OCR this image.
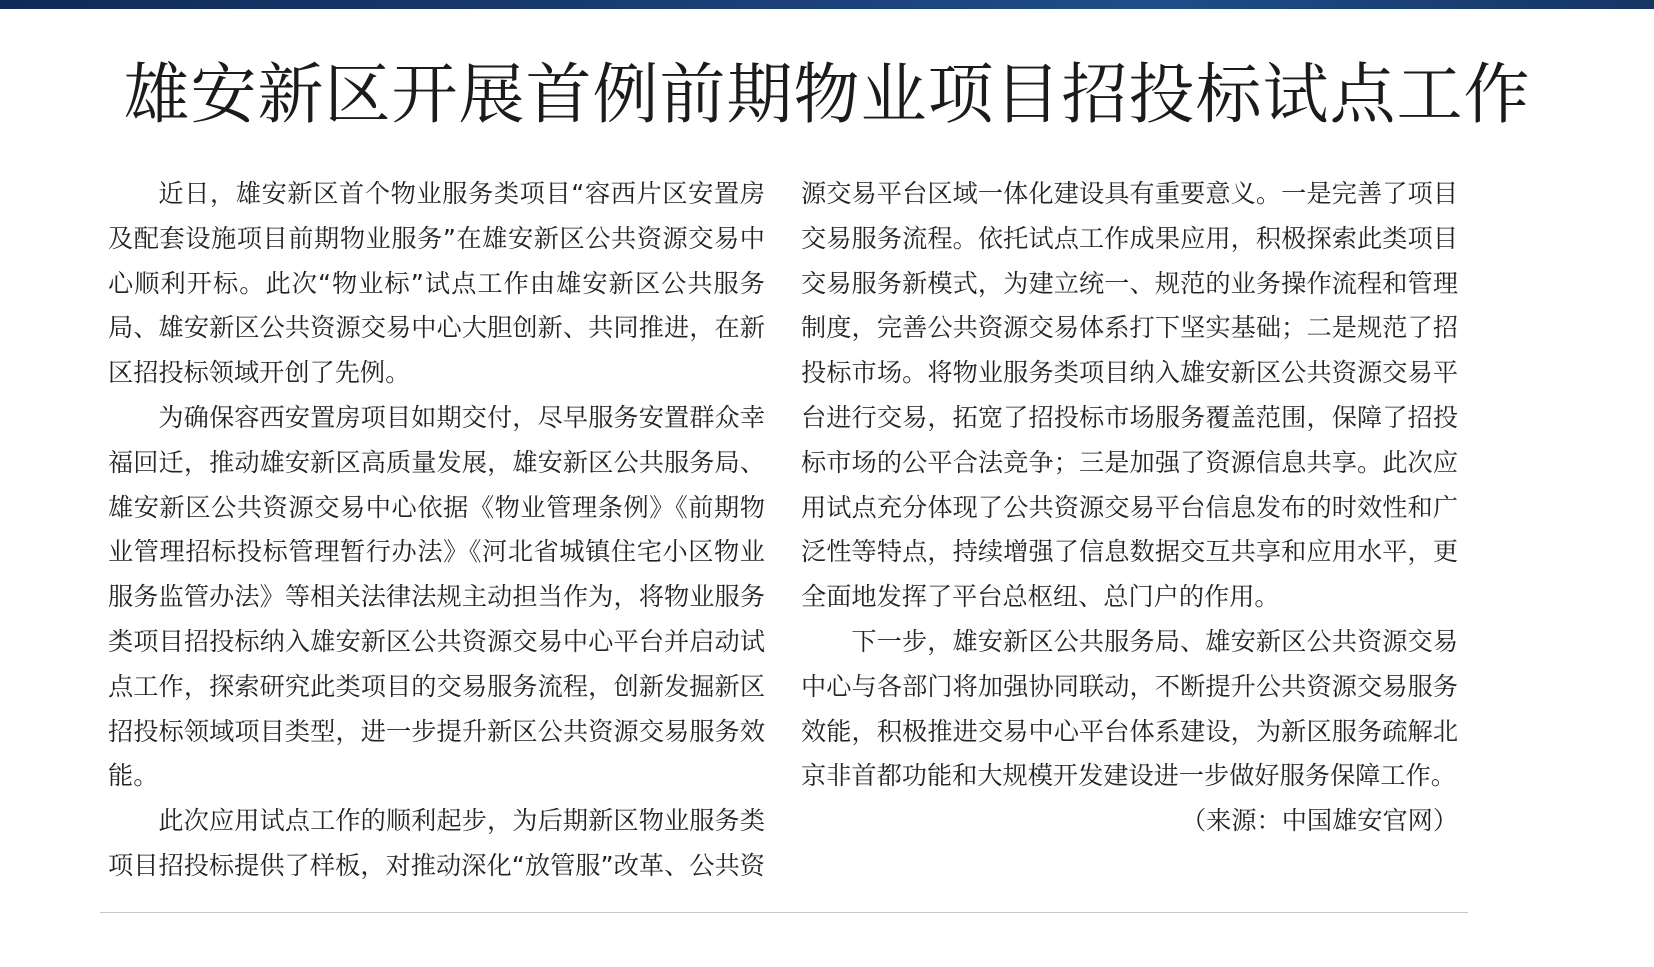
雄安新区开展首例前期物业项目招投标试点工作

近日，雄安新区首个物业服务类项目“容西片区安置房及配套设施项目前期物业服务”在雄安新区公共资源交易中心顺利开标。此次“物业标”试点工作由雄安新区公共服务局、雄安新区公共资源交易中心大胆创新、共同推进，在新区招投标领域开创了先例。

为确保容西安置房项目如期交付，尽早服务安置群众幸福回迁，推动雄安新区高质量发展，雄安新区公共服务局、雄安新区公共资源交易中心依据《物业管理条例》《前期物业管理招标投标管理暂行办法》《河北省城镇住宅小区物业服务监管办法》等相关法律法规主动担当作为，将物业服务类项目招投标纳入雄安新区公共资源交易中心平台并启动试点工作，探索研究此类项目的交易服务流程，创新发掘新区招投标领域项目类型，进一步提升新区公共资源交易服务效能。

此次应用试点工作的顺利起步，为后期新区物业服务类项目招投标提供了样板，对推动深化“放管服”改革、公共资源交易平台区域一体化建设具有重要意义。一是完善了项目交易服务流程。依托试点工作成果应用，积极探索此类项目交易服务新模式，为建立统一、规范的业务操作流程和管理制度，完善公共资源交易体系打下坚实基础；二是规范了招投标市场。将物业服务类项目纳入雄安新区公共资源交易平台进行交易，拓宽了招投标市场服务覆盖范围，保障了招投标市场的公平合法竞争；三是加强了资源信息共享。此次应用试点充分体现了公共资源交易平台信息发布的时效性和广泛性等特点，持续增强了信息数据交互共享和应用水平，更全面地发挥了平台总枢纽、总门户的作用。

下一步，雄安新区公共服务局、雄安新区公共资源交易中心与各部门将加强协同联动，不断提升公共资源交易服务效能，积极推进交易中心平台体系建设，为新区服务疏解北京非首都功能和大规模开发建设进一步做好服务保障工作。
（来源：中国雄安官网）
